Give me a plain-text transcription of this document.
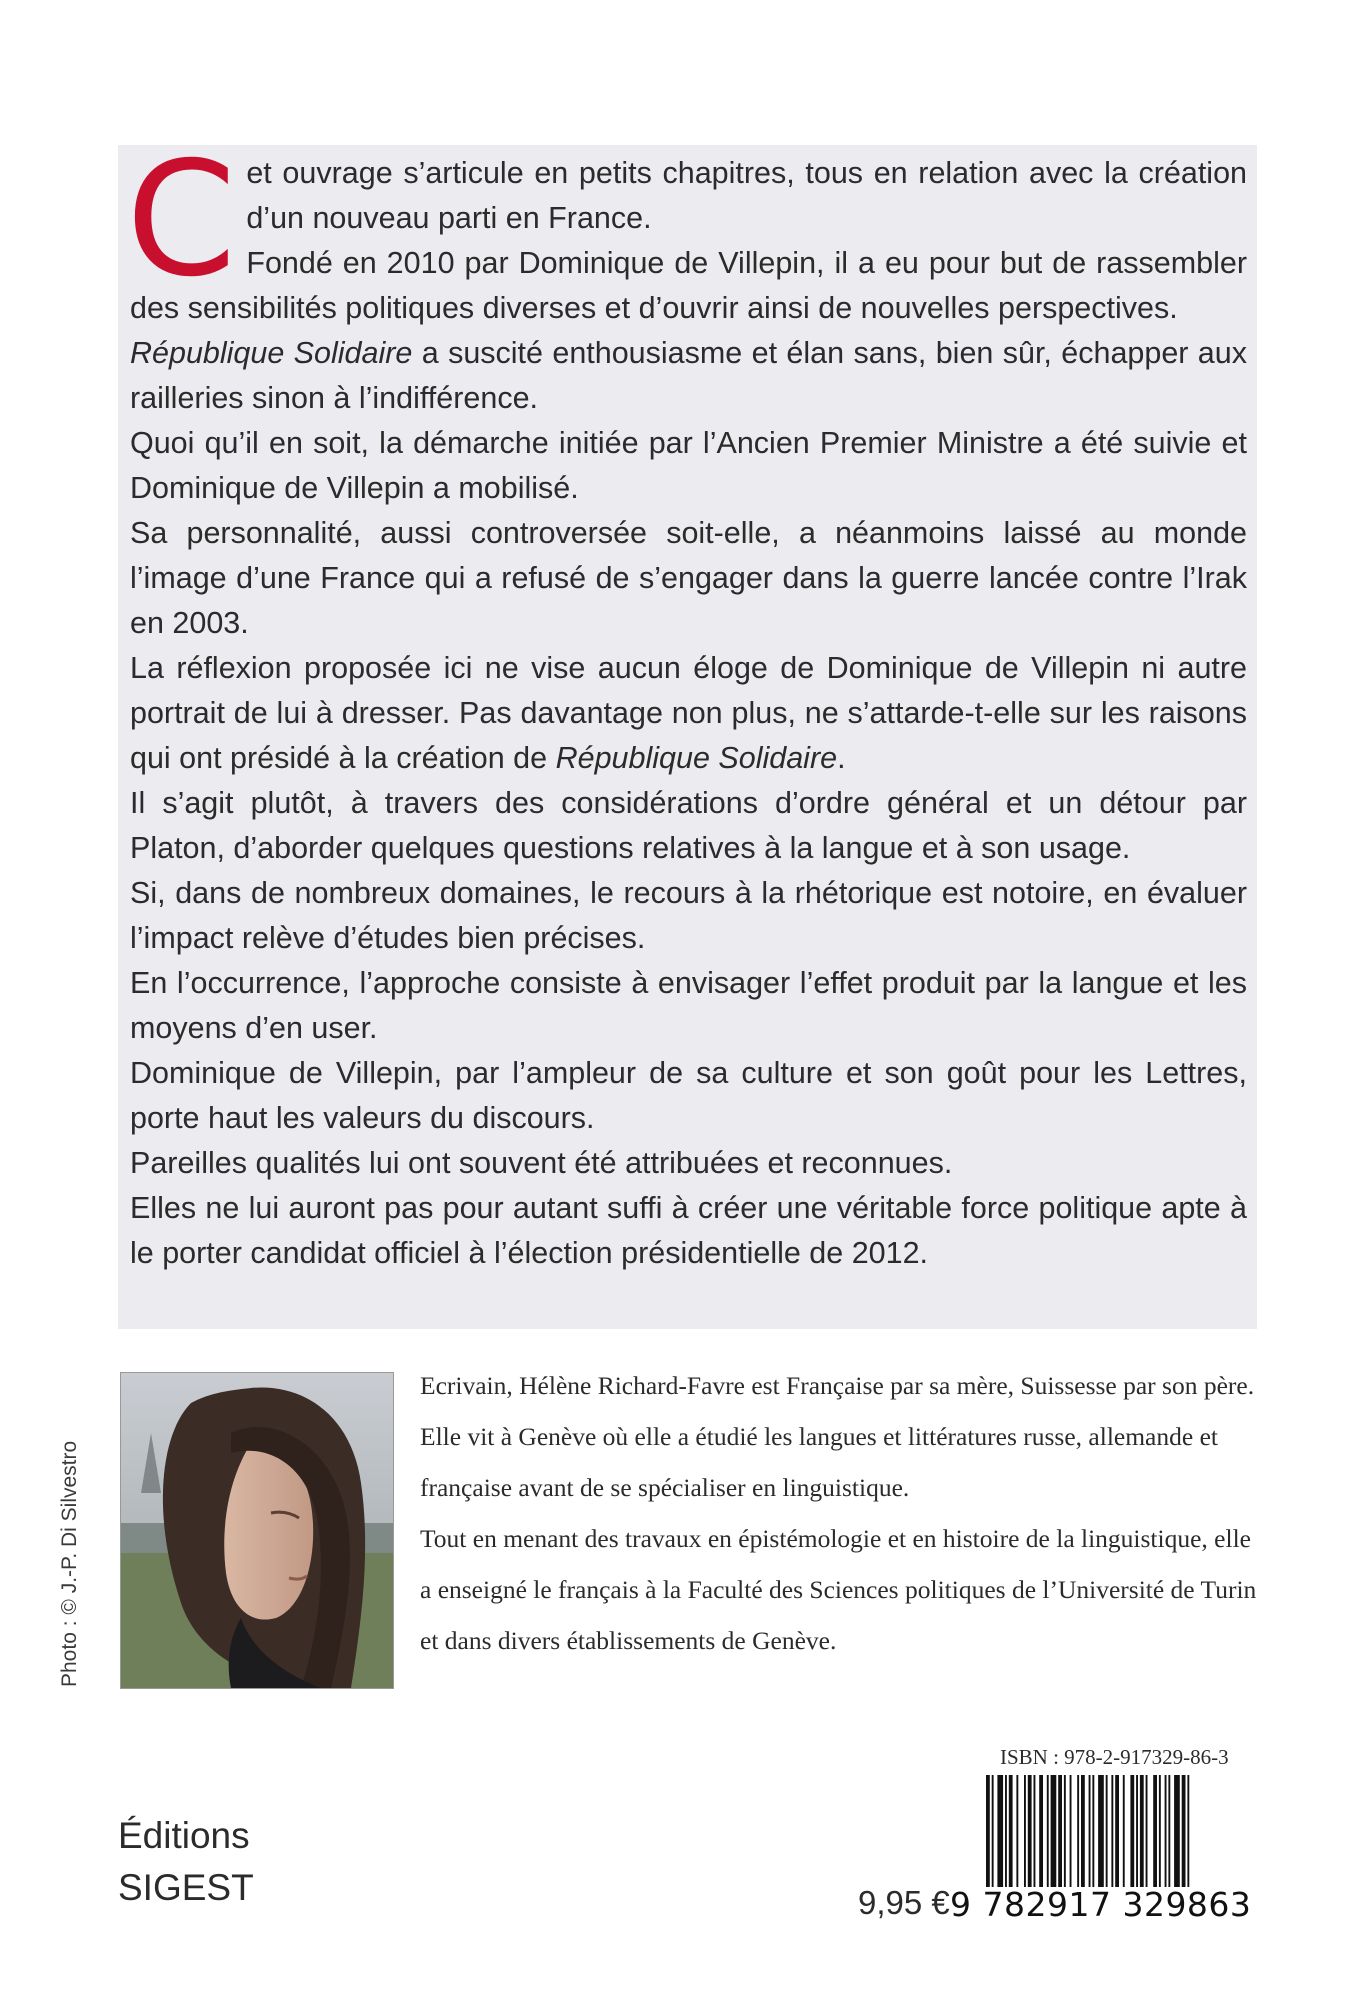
Cet ouvrage s’articule en petits chapitres, tous en relation avec la création d’un nouveau parti en France.

Fondé en 2010 par Dominique de Villepin, il a eu pour but de rassembler des sensibilités politiques diverses et d’ouvrir ainsi de nouvelles perspectives.

République Solidaire a suscité enthousiasme et élan sans, bien sûr, échapper aux railleries sinon à l’indifférence.

Quoi qu’il en soit, la démarche initiée par l’Ancien Premier Ministre a été suivie et Dominique de Villepin a mobilisé.

Sa personnalité, aussi controversée soit-elle, a néanmoins laissé au monde l’image d’une France qui a refusé de s’engager dans la guerre lancée contre l’Irak en 2003.

La réflexion proposée ici ne vise aucun éloge de Dominique de Villepin ni autre portrait de lui à dresser. Pas davantage non plus, ne s’attarde-t-elle sur les raisons qui ont présidé à la création de République Solidaire.

Il s’agit plutôt, à travers des considérations d’ordre général et un détour par Platon, d’aborder quelques questions relatives à la langue et à son usage.

Si, dans de nombreux domaines, le recours à la rhétorique est notoire, en évaluer l’impact relève d’études bien précises.

En l’occurrence, l’approche consiste à envisager l’effet produit par la langue et les moyens d’en user.

Dominique de Villepin, par l’ampleur de sa culture et son goût pour les Lettres, porte haut les valeurs du discours.

Pareilles qualités lui ont souvent été attribuées et reconnues.

Elles ne lui auront pas pour autant suffi à créer une véritable force politique apte à le porter candidat officiel à l’élection présidentielle de 2012.

Photo : © J.-P. Di Silvestro

Ecrivain, Hélène Richard-Favre est Française par sa mère, Suissesse par son père.

Elle vit à Genève où elle a étudié les langues et littératures russe, allemande et française avant de se spécialiser en linguistique.

Tout en menant des travaux en épistémologie et en histoire de la linguistique, elle a enseigné le français à la Faculté des Sciences politiques de l’Université de Turin et dans divers établissements de Genève.

Éditions
SIGEST
ISBN : 978-2-917329-86-3
9 782917 329863
9,95 €
